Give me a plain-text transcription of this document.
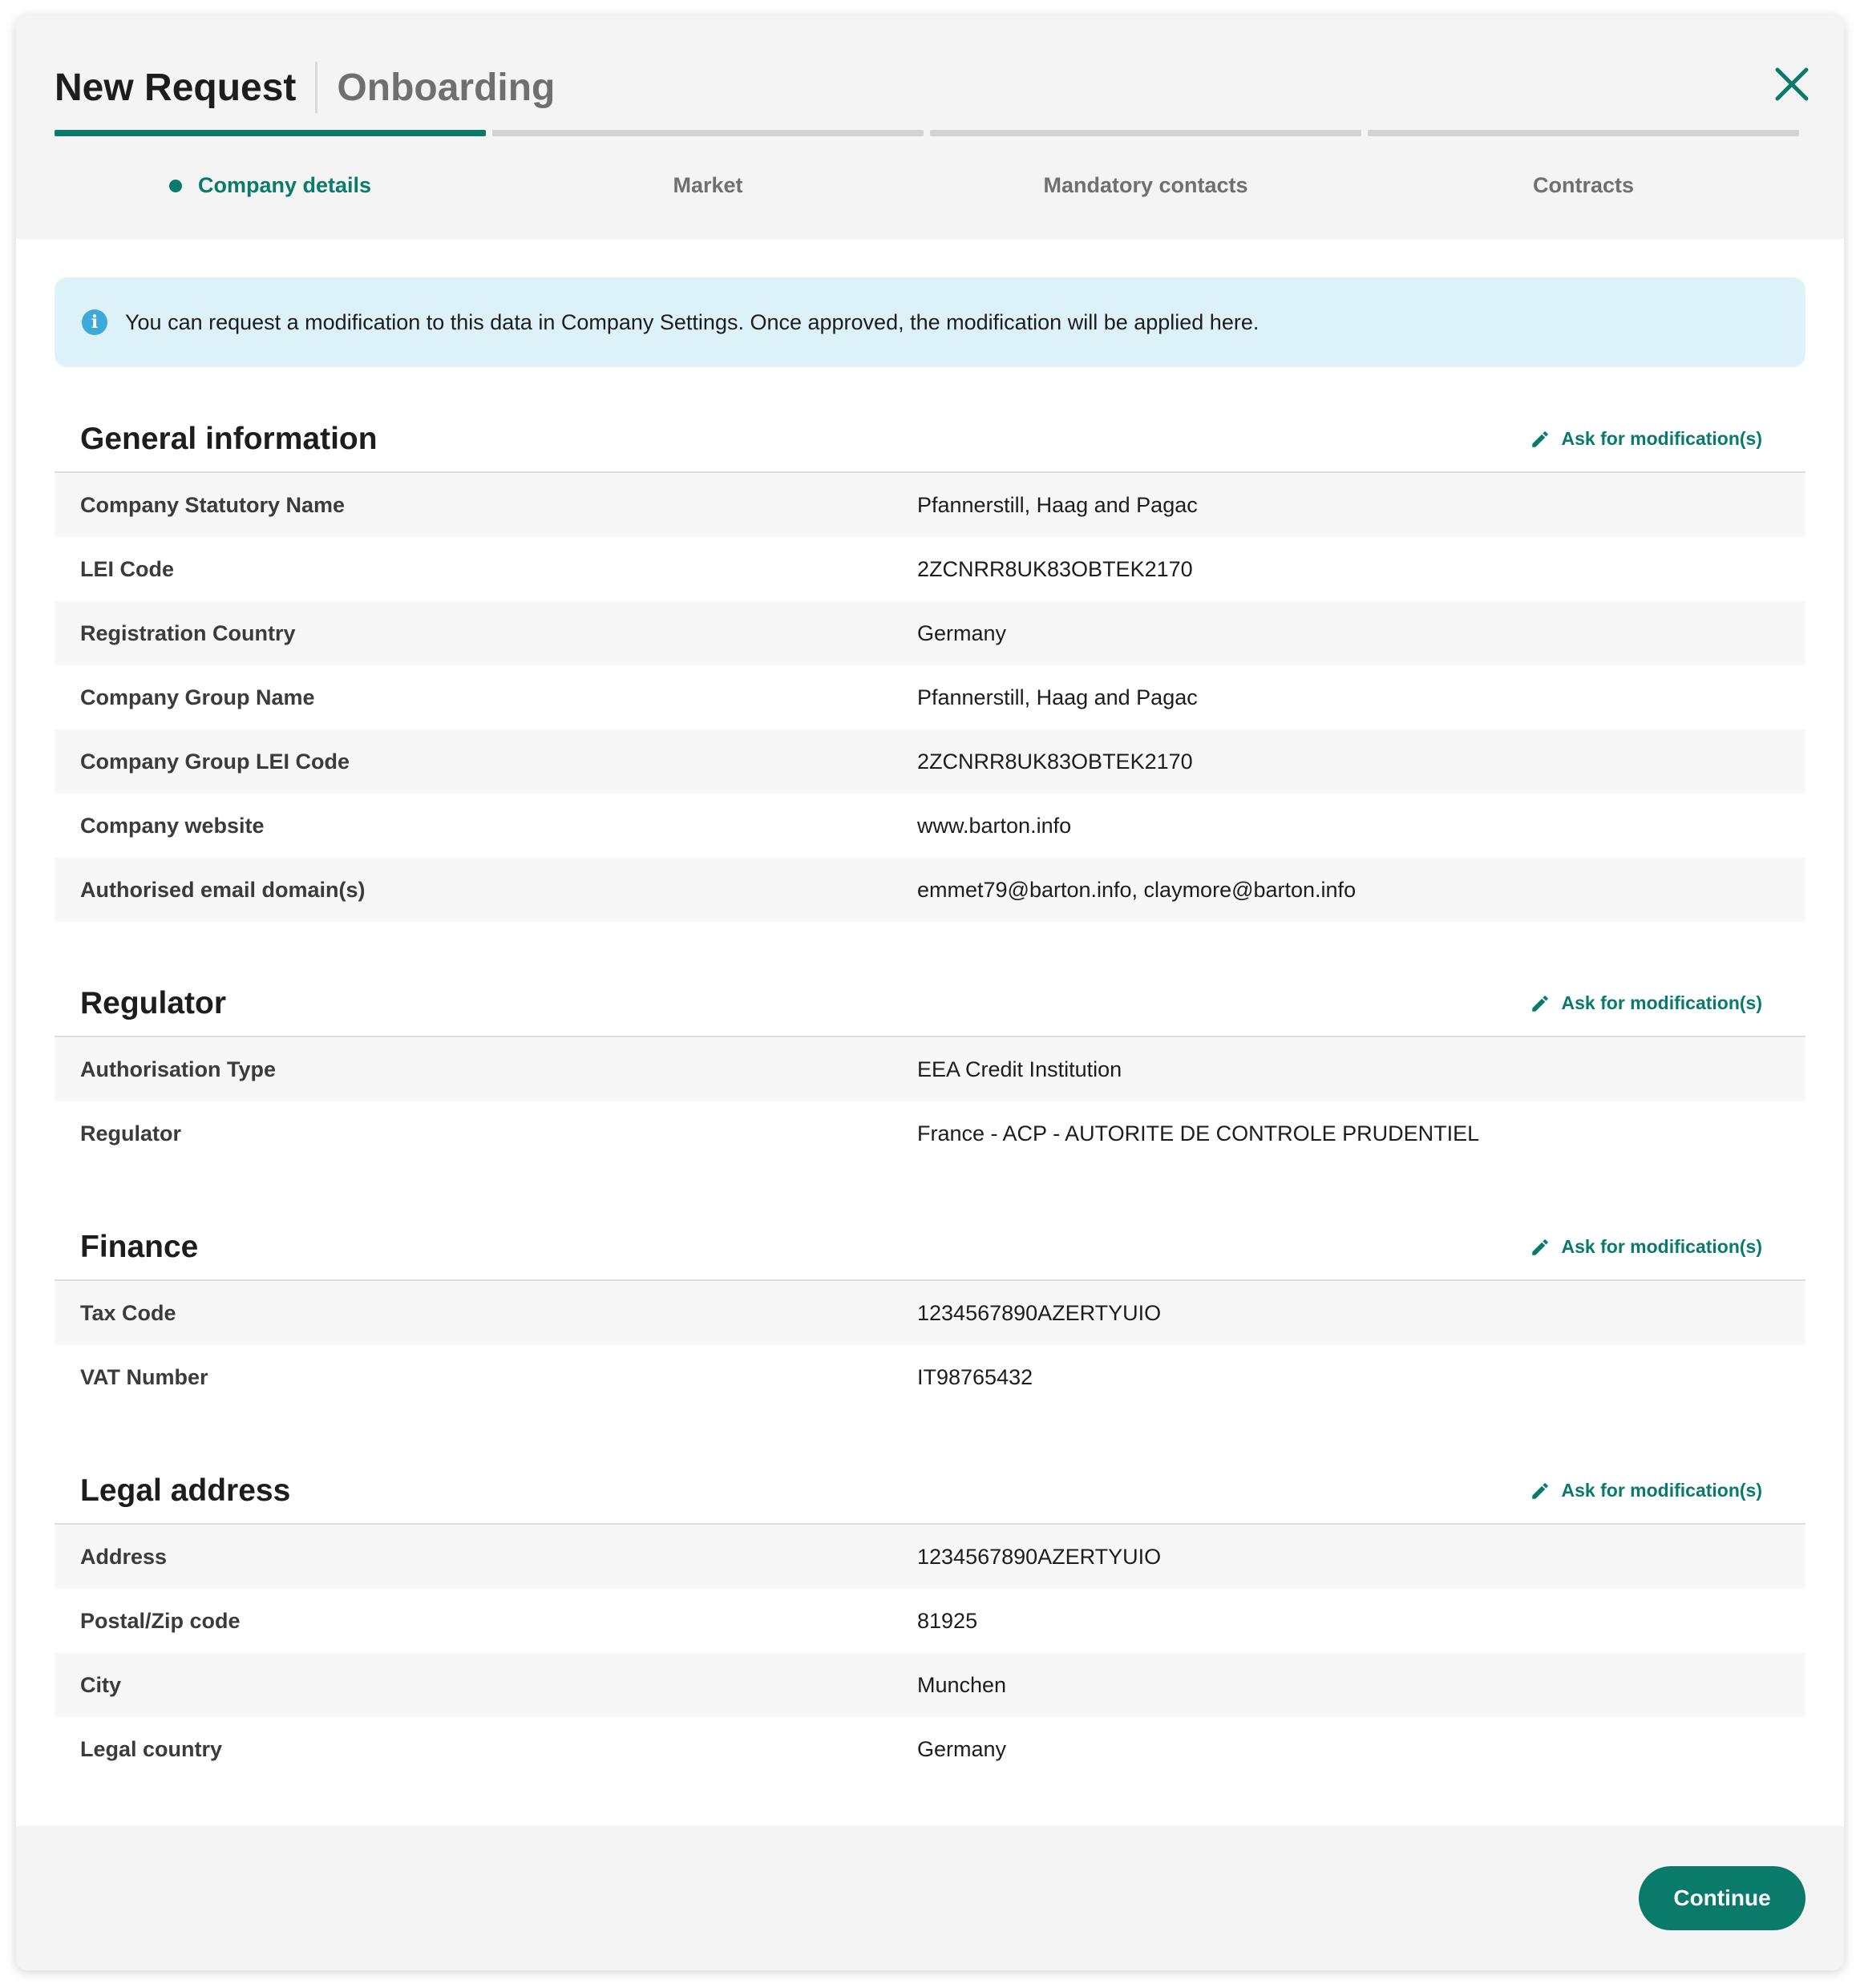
New Request Onboarding
Company details	Market	Mandatory contacts	Contracts
i	You can request a modification to this data in Company Settings. Once approved, the modification will be applied here.
General information	Ask for modification(s)
Company Statutory Name	Pfannerstill, Haag and Pagac
LEI Code	2ZCNRR8UK83OBTEK2170
Registration Country	Germany
Company Group Name	Pfannerstill, Haag and Pagac
Company Group LEI Code	2ZCNRR8UK83OBTEK2170
Company website	www.barton.info
Authorised email domain(s)	emmet79@barton.info, claymore@barton.info
Regulator	Ask for modification(s)
Authorisation Type	EEA Credit Institution
Regulator	France - ACP - AUTORITE DE CONTROLE PRUDENTIEL
Finance	Ask for modification(s)
Tax Code	1234567890AZERTYUIO
VAT Number	IT98765432
Legal address	Ask for modification(s)
Address	1234567890AZERTYUIO
Postal/Zip code	81925
City	Munchen
Legal country	Germany
Continue
